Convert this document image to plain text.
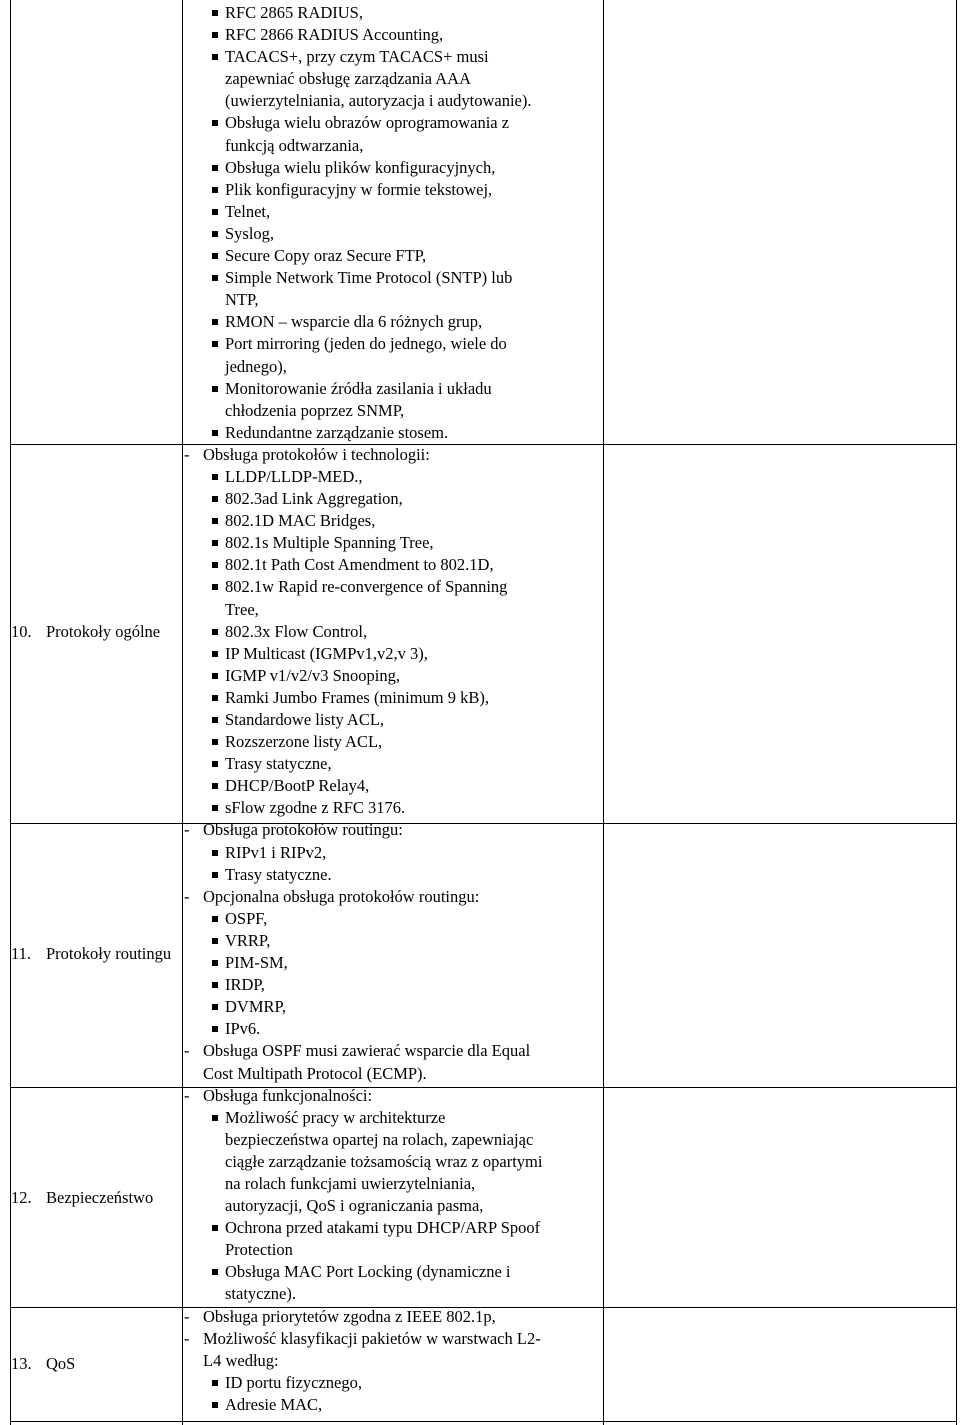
10. Protokoły ogólne
11. Protokoły routingu
12. Bezpieczeństwo
13. QoS
RFC 2865 RADIUS,
RFC 2866 RADIUS Accounting,
TACACS+, przy czym TACACS+ musi
zapewniać obsługę zarządzania AAA
(uwierzytelniania, autoryzacja i audytowanie).
Obsługa wielu obrazów oprogramowania z
funkcją odtwarzania,
Obsługa wielu plików konfiguracyjnych,
Plik konfiguracyjny w formie tekstowej,
Telnet,
Syslog,
Secure Copy oraz Secure FTP,
Simple Network Time Protocol (SNTP) lub
NTP,
RMON – wsparcie dla 6 różnych grup,
Port mirroring (jeden do jednego, wiele do
jednego),
Monitorowanie źródła zasilania i układu
chłodzenia poprzez SNMP,
Redundantne zarządzanie stosem.
- Obsługa protokołów i technologii:
LLDP/LLDP-MED.,
802.3ad Link Aggregation,
802.1D MAC Bridges,
802.1s Multiple Spanning Tree,
802.1t Path Cost Amendment to 802.1D,
802.1w Rapid re-convergence of Spanning
Tree,
802.3x Flow Control,
IP Multicast (IGMPv1,v2,v 3),
IGMP v1/v2/v3 Snooping,
Ramki Jumbo Frames (minimum 9 kB),
Standardowe listy ACL,
Rozszerzone listy ACL,
Trasy statyczne,
DHCP/BootP Relay4,
sFlow zgodne z RFC 3176.
- Obsługa protokołów routingu:
RIPv1 i RIPv2,
Trasy statyczne.
- Opcjonalna obsługa protokołów routingu:
OSPF,
VRRP,
PIM-SM,
IRDP,
DVMRP,
IPv6.
- Obsługa OSPF musi zawierać wsparcie dla Equal
Cost Multipath Protocol (ECMP).
- Obsługa funkcjonalności:
Możliwość pracy w architekturze
bezpieczeństwa opartej na rolach, zapewniając
ciągłe zarządzanie tożsamością wraz z opartymi
na rolach funkcjami uwierzytelniania,
autoryzacji, QoS i ograniczania pasma,
Ochrona przed atakami typu DHCP/ARP Spoof
Protection
Obsługa MAC Port Locking (dynamiczne i
statyczne).
- Obsługa priorytetów zgodna z IEEE 802.1p,
- Możliwość klasyfikacji pakietów w warstwach L2-
L4 według:
ID portu fizycznego,
Adresie MAC,
